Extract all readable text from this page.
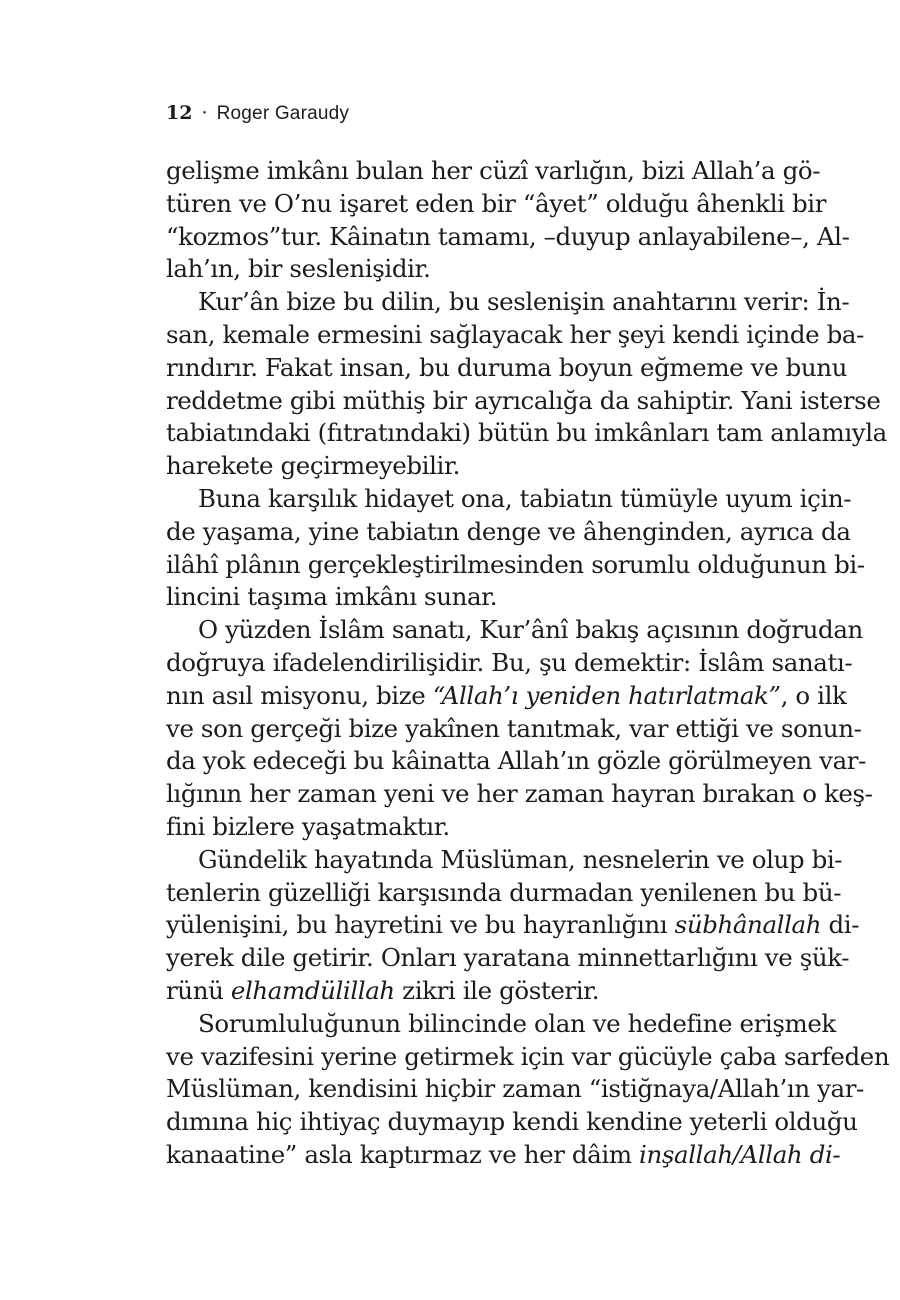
12 · Roger Garaudy
gelişme imkânı bulan her cüzî varlığın, bizi Allah’a gö-
türen ve O’nu işaret eden bir “âyet” olduğu âhenkli bir
“kozmos”tur. Kâinatın tamamı, –duyup anlayabilene–, Al-
lah’ın, bir seslenişidir.
Kur’ân bize bu dilin, bu seslenişin anahtarını verir: İn-
san, kemale ermesini sağlayacak her şeyi kendi içinde ba-
rındırır. Fakat insan, bu duruma boyun eğmeme ve bunu
reddetme gibi müthiş bir ayrıcalığa da sahiptir. Yani isterse
tabiatındaki (fıtratındaki) bütün bu imkânları tam anlamıyla
harekete geçirmeyebilir.
Buna karşılık hidayet ona, tabiatın tümüyle uyum için-
de yaşama, yine tabiatın denge ve âhenginden, ayrıca da
ilâhî plânın gerçekleştirilmesinden sorumlu olduğunun bi-
lincini taşıma imkânı sunar.
O yüzden İslâm sanatı, Kur’ânî bakış açısının doğrudan
doğruya ifadelendirilişidir. Bu, şu demektir: İslâm sanatı-
nın asıl misyonu, bize “Allah’ı yeniden hatırlatmak”, o ilk
ve son gerçeği bize yakînen tanıtmak, var ettiği ve sonun-
da yok edeceği bu kâinatta Allah’ın gözle görülmeyen var-
lığının her zaman yeni ve her zaman hayran bırakan o keş-
fini bizlere yaşatmaktır.
Gündelik hayatında Müslüman, nesnelerin ve olup bi-
tenlerin güzelliği karşısında durmadan yenilenen bu bü-
yülenişini, bu hayretini ve bu hayranlığını sübhânallah di-
yerek dile getirir. Onları yaratana minnettarlığını ve şük-
rünü elhamdülillah zikri ile gösterir.
Sorumluluğunun bilincinde olan ve hedefine erişmek
ve vazifesini yerine getirmek için var gücüyle çaba sarfeden
Müslüman, kendisini hiçbir zaman “istiğnaya/Allah’ın yar-
dımına hiç ihtiyaç duymayıp kendi kendine yeterli olduğu
kanaatine” asla kaptırmaz ve her dâim inşallah/Allah di-
